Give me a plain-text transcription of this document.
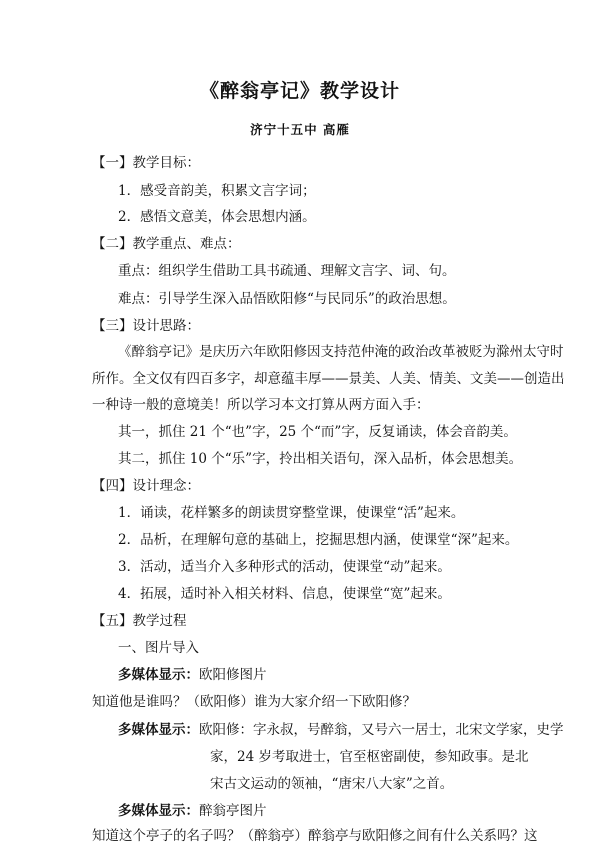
《醉翁亭记》教学设计
济宁十五中 高雁
【一】教学目标：
1．感受音韵美，积累文言字词；
2．感悟文意美，体会思想内涵。
【二】教学重点、难点：
重点：组织学生借助工具书疏通、理解文言字、词、句。
难点：引导学生深入品悟欧阳修“与民同乐”的政治思想。
【三】设计思路：
《醉翁亭记》是庆历六年欧阳修因支持范仲淹的政治改革被贬为滁州太守时
所作。全文仅有四百多字，却意蕴丰厚——景美、人美、情美、文美——创造出
一种诗一般的意境美！所以学习本文打算从两方面入手：
其一，抓住 21 个“也”字，25 个“而”字，反复诵读，体会音韵美。
其二，抓住 10 个“乐”字，拎出相关语句，深入品析，体会思想美。
【四】设计理念：
1．诵读，花样繁多的朗读贯穿整堂课，使课堂“活”起来。
2．品析，在理解句意的基础上，挖掘思想内涵，使课堂“深”起来。
3．活动，适当介入多种形式的活动，使课堂“动”起来。
4．拓展，适时补入相关材料、信息，使课堂“宽”起来。
【五】教学过程
一、图片导入
多媒体显示：欧阳修图片
知道他是谁吗？（欧阳修）谁为大家介绍一下欧阳修？
多媒体显示：欧阳修：字永叔，号醉翁，又号六一居士，北宋文学家，史学
家，24 岁考取进士，官至枢密副使，参知政事。是北
宋古文运动的领袖，“唐宋八大家”之首。
多媒体显示：醉翁亭图片
知道这个亭子的名子吗？（醉翁亭）醉翁亭与欧阳修之间有什么关系吗？这
